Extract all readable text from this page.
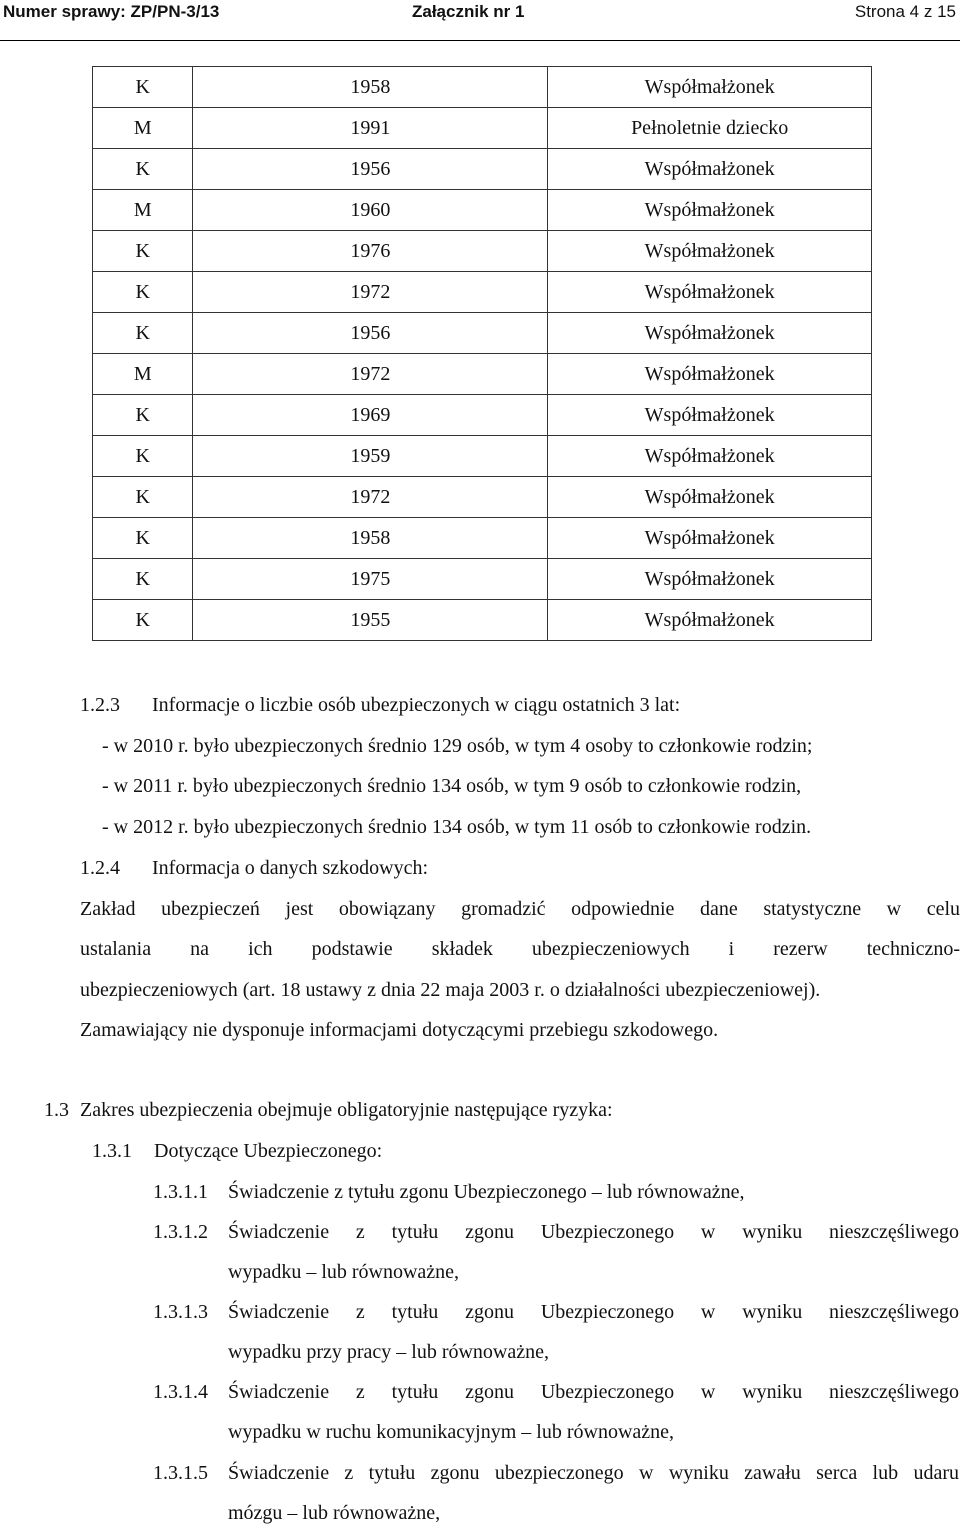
Numer sprawy: ZP/PN-3/13	Załącznik nr 1	Strona 4 z 15
K	1958	Współmałżonek
M	1991	Pełnoletnie dziecko
K	1956	Współmałżonek
M	1960	Współmałżonek
K	1976	Współmałżonek
K	1972	Współmałżonek
K	1956	Współmałżonek
M	1972	Współmałżonek
K	1969	Współmałżonek
K	1959	Współmałżonek
K	1972	Współmałżonek
K	1958	Współmałżonek
K	1975	Współmałżonek
K	1955	Współmałżonek
1.2.3 Informacje o liczbie osób ubezpieczonych w ciągu ostatnich 3 lat:
- w 2010 r. było ubezpieczonych średnio 129 osób, w tym 4 osoby to członkowie rodzin;
- w 2011 r. było ubezpieczonych średnio 134 osób, w tym 9 osób to członkowie rodzin,
- w 2012 r. było ubezpieczonych średnio 134 osób, w tym 11 osób to członkowie rodzin.
1.2.4 Informacja o danych szkodowych:
Zakład ubezpieczeń jest obowiązany gromadzić odpowiednie dane statystyczne w celu
ustalania na ich podstawie składek ubezpieczeniowych i rezerw techniczno-
ubezpieczeniowych (art. 18 ustawy z dnia 22 maja 2003 r. o działalności ubezpieczeniowej).
Zamawiający nie dysponuje informacjami dotyczącymi przebiegu szkodowego.
1.3 Zakres ubezpieczenia obejmuje obligatoryjnie następujące ryzyka:
1.3.1 Dotyczące Ubezpieczonego:
1.3.1.1 Świadczenie z tytułu zgonu Ubezpieczonego – lub równoważne,
1.3.1.2 Świadczenie z tytułu zgonu Ubezpieczonego w wyniku nieszczęśliwego
wypadku – lub równoważne,
1.3.1.3 Świadczenie z tytułu zgonu Ubezpieczonego w wyniku nieszczęśliwego
wypadku przy pracy – lub równoważne,
1.3.1.4 Świadczenie z tytułu zgonu Ubezpieczonego w wyniku nieszczęśliwego
wypadku w ruchu komunikacyjnym – lub równoważne,
1.3.1.5 Świadczenie z tytułu zgonu ubezpieczonego w wyniku zawału serca lub udaru
mózgu – lub równoważne,
